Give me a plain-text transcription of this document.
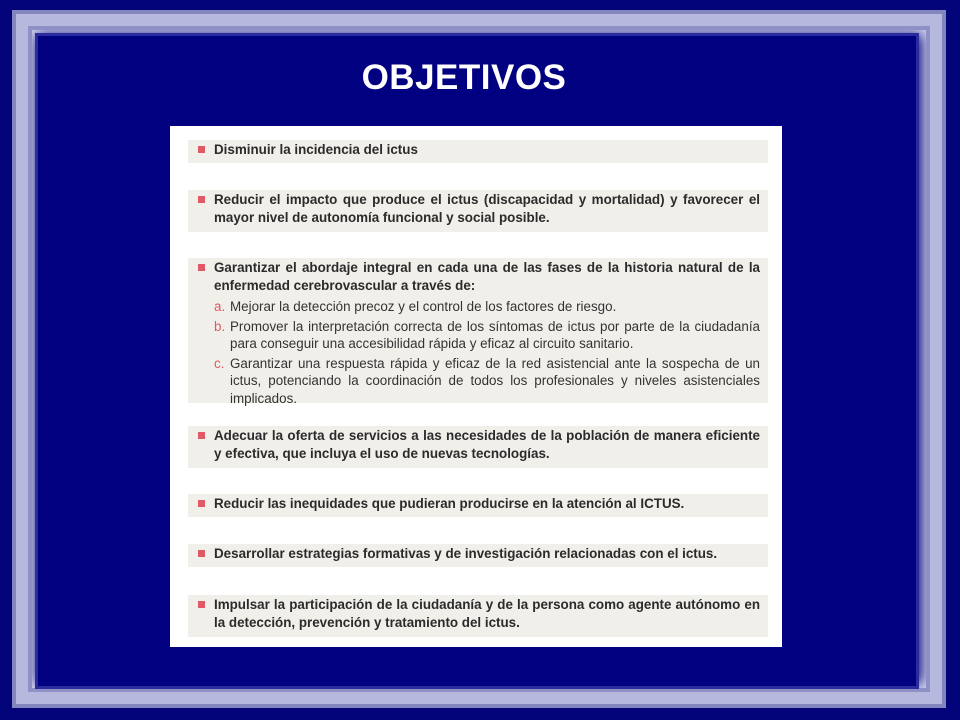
OBJETIVOS
Disminuir la incidencia del ictus
Reducir el impacto que produce el ictus (discapacidad y mortalidad) y favorecer el mayor nivel de autonomía funcional y social posible.
Garantizar el abordaje integral en cada una de las fases de la historia natural de la enfermedad cerebrovascular a través de:
a. Mejorar la detección precoz y el control de los factores de riesgo.
b. Promover la interpretación correcta de los síntomas de ictus por parte de la ciudadanía para conseguir una accesibilidad rápida y eficaz al circuito sanitario.
c. Garantizar una respuesta rápida y eficaz de la red asistencial ante la sospecha de un ictus, potenciando la coordinación de todos los profesionales y niveles asistenciales implicados.
Adecuar la oferta de servicios a las necesidades de la población de manera eficiente y efectiva, que incluya el uso de nuevas tecnologías.
Reducir las inequidades que pudieran producirse en la atención al ICTUS.
Desarrollar estrategias formativas y de investigación relacionadas con el ictus.
Impulsar la participación de la ciudadanía y de la persona como agente autónomo en la detección, prevención y tratamiento del ictus.
